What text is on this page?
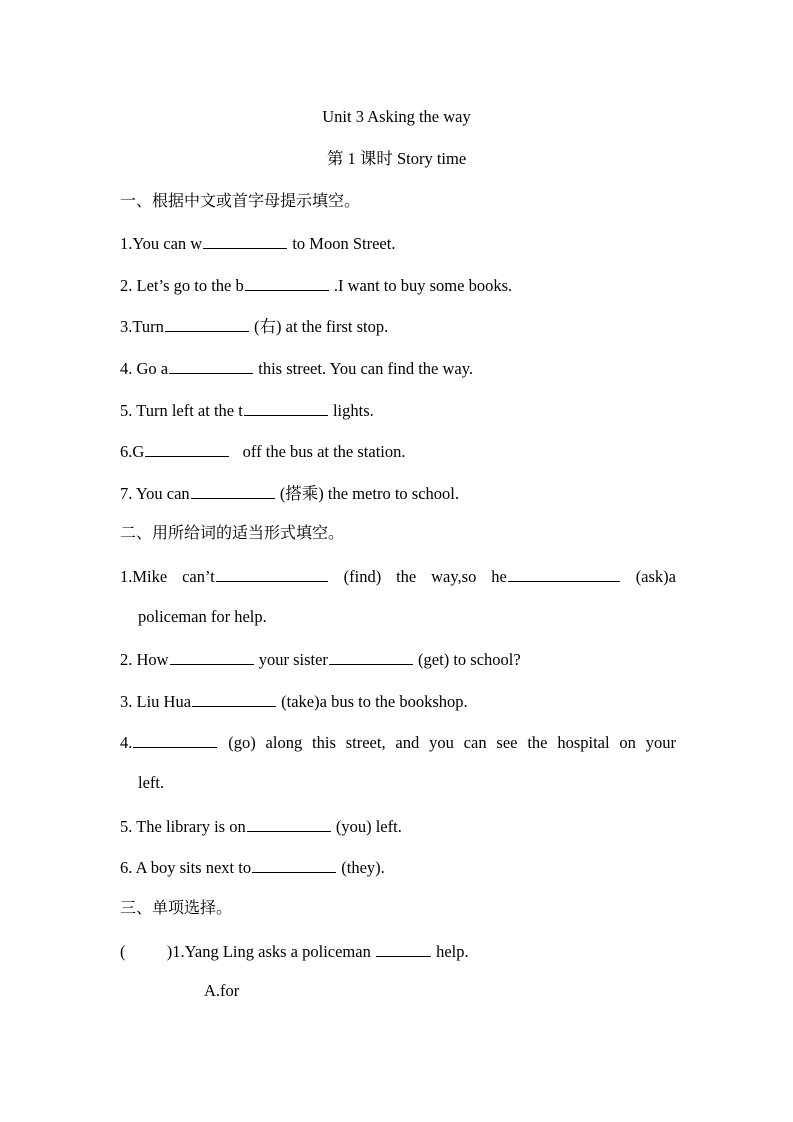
Unit 3 Asking the way
第 1 课时 Story time
一、根据中文或首字母提示填空。
1.You can w	to Moon Street.
2. Let’s go to the b	.I want to buy some books.
3.Turn	(右) at the first stop.
4. Go a	this street. You can find the way.
5. Turn left at the t	lights.
6.G	off the bus at the station.
7. You can	(搭乘) the metro to school.
二、用所给词的适当形式填空。
1.Mike can’t	(find) the way,so he	(ask)a
policeman for help.
2. How	your sister	(get) to school?
3. Liu Hua	(take)a bus to the bookshop.
4.	(go) along this street, and you can see the hospital on your
left.
5. The library is on	(you) left.
6. A boy sits next to	(they).
三、单项选择。
(          )1.Yang Ling asks a policeman	help.
A.for
